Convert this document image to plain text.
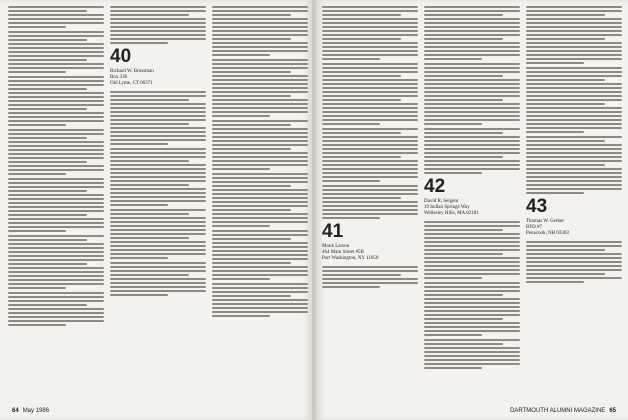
40
Richard W. Brossman
Box 336
Old Lyme, CT 06371
64 May 1986
41
Monk Larson
464 Main Street #5B
Port Washington, NY 11050
42
David R. Seigent
19 Indian Springs Way
Wellesley Hills, MA 02181	43
Thomas W. Gerber
RFD #7
Penacook, NH 03303
DARTMOUTH ALUMNI MAGAZINE 65
